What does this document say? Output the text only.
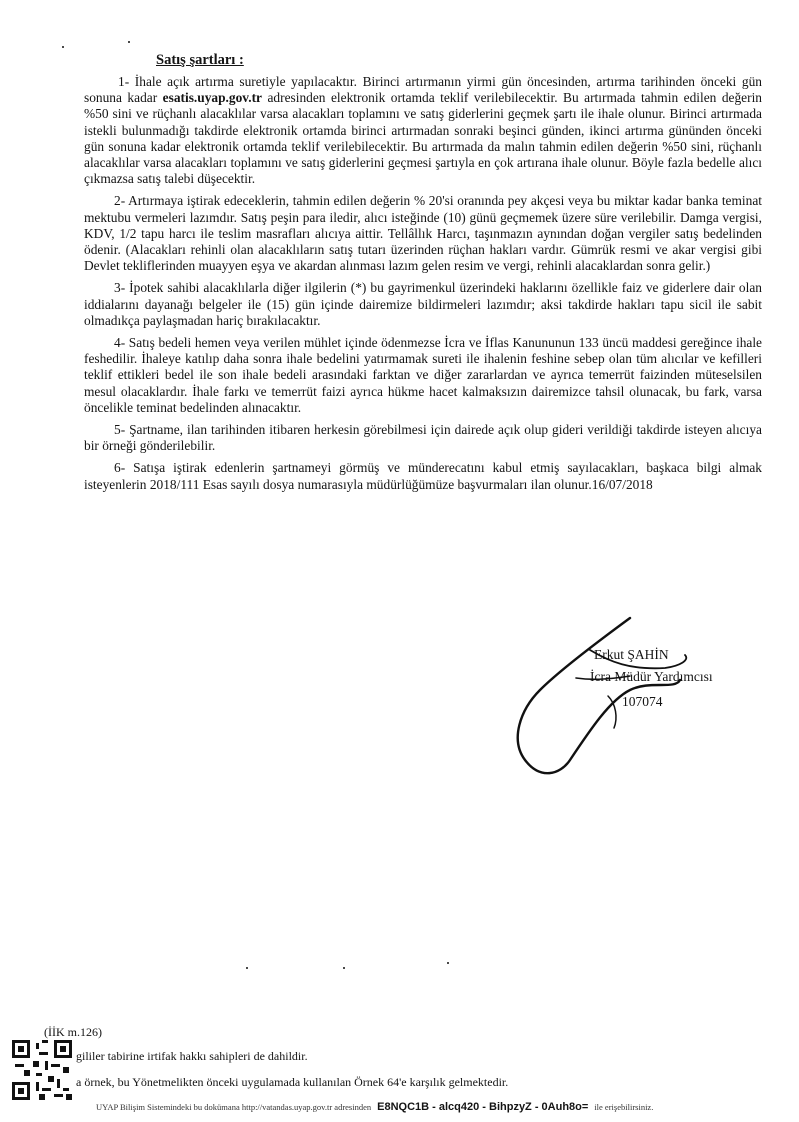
Satış şartları :

1- İhale açık artırma suretiyle yapılacaktır. Birinci artırmanın yirmi gün öncesinden, artırma tarihinden önceki gün sonuna kadar esatis.uyap.gov.tr adresinden elektronik ortamda teklif verilebilecektir. Bu artırmada tahmin edilen değerin %50 sini ve rüçhanlı alacaklılar varsa alacakları toplamını ve satış giderlerini geçmek şartı ile ihale olunur. Birinci artırmada istekli bulunmadığı takdirde elektronik ortamda birinci artırmadan sonraki beşinci günden, ikinci artırma gününden önceki gün sonuna kadar elektronik ortamda teklif verilebilecektir. Bu artırmada da malın tahmin edilen değerin %50 sini, rüçhanlı alacaklılar varsa alacakları toplamını ve satış giderlerini geçmesi şartıyla en çok artırana ihale olunur. Böyle fazla bedelle alıcı çıkmazsa satış talebi düşecektir.

2- Artırmaya iştirak edeceklerin, tahmin edilen değerin % 20'si oranında pey akçesi veya bu miktar kadar banka teminat mektubu vermeleri lazımdır. Satış peşin para iledir, alıcı isteğinde (10) günü geçmemek üzere süre verilebilir. Damga vergisi, KDV, 1/2 tapu harcı ile teslim masrafları alıcıya aittir. Tellâllık Harcı, taşınmazın aynından doğan vergiler satış bedelinden ödenir. (Alacakları rehinli olan alacaklıların satış tutarı üzerinden rüçhan hakları vardır. Gümrük resmi ve akar vergisi gibi Devlet tekliflerinden muayyen eşya ve akardan alınması lazım gelen resim ve vergi, rehinli alacaklardan sonra gelir.)

3- İpotek sahibi alacaklılarla diğer ilgilerin (*) bu gayrimenkul üzerindeki haklarını özellikle faiz ve giderlere dair olan iddialarını dayanağı belgeler ile (15) gün içinde dairemize bildirmeleri lazımdır; aksi takdirde hakları tapu sicil ile sabit olmadıkça paylaşmadan hariç bırakılacaktır.

4- Satış bedeli hemen veya verilen mühlet içinde ödenmezse İcra ve İflas Kanununun 133 üncü maddesi gereğince ihale feshedilir. İhaleye katılıp daha sonra ihale bedelini yatırmamak sureti ile ihalenin feshine sebep olan tüm alıcılar ve kefilleri teklif ettikleri bedel ile son ihale bedeli arasındaki farktan ve diğer zararlardan ve ayrıca temerrüt faizinden müteselsilen mesul olacaklardır. İhale farkı ve temerrüt faizi ayrıca hükme hacet kalmaksızın dairemizce tahsil olunacak, bu fark, varsa öncelikle teminat bedelinden alınacaktır.

5- Şartname, ilan tarihinden itibaren herkesin görebilmesi için dairede açık olup gideri verildiği takdirde isteyen alıcıya bir örneği gönderilebilir.

6- Satışa iştirak edenlerin şartnameyi görmüş ve münderecatını kabul etmiş sayılacakları, başkaca bilgi almak isteyenlerin 2018/111 Esas sayılı dosya numarasıyla müdürlüğümüze başvurmaları ilan olunur.16/07/2018

Erkut ŞAHİN
İcra Müdür Yardımcısı
107074
(İİK m.126)
gililer tabirine irtifak hakkı sahipleri de dahildir.
a örnek, bu Yönetmelikten önceki uygulamada kullanılan Örnek 64'e karşılık gelmektedir.
UYAP Bilişim Sistemindeki bu dokümana http://vatandas.uyap.gov.tr adresinden E8NQC1B - alcq420 - BihpzyZ - 0Auh8o= ile erişebilirsiniz.
